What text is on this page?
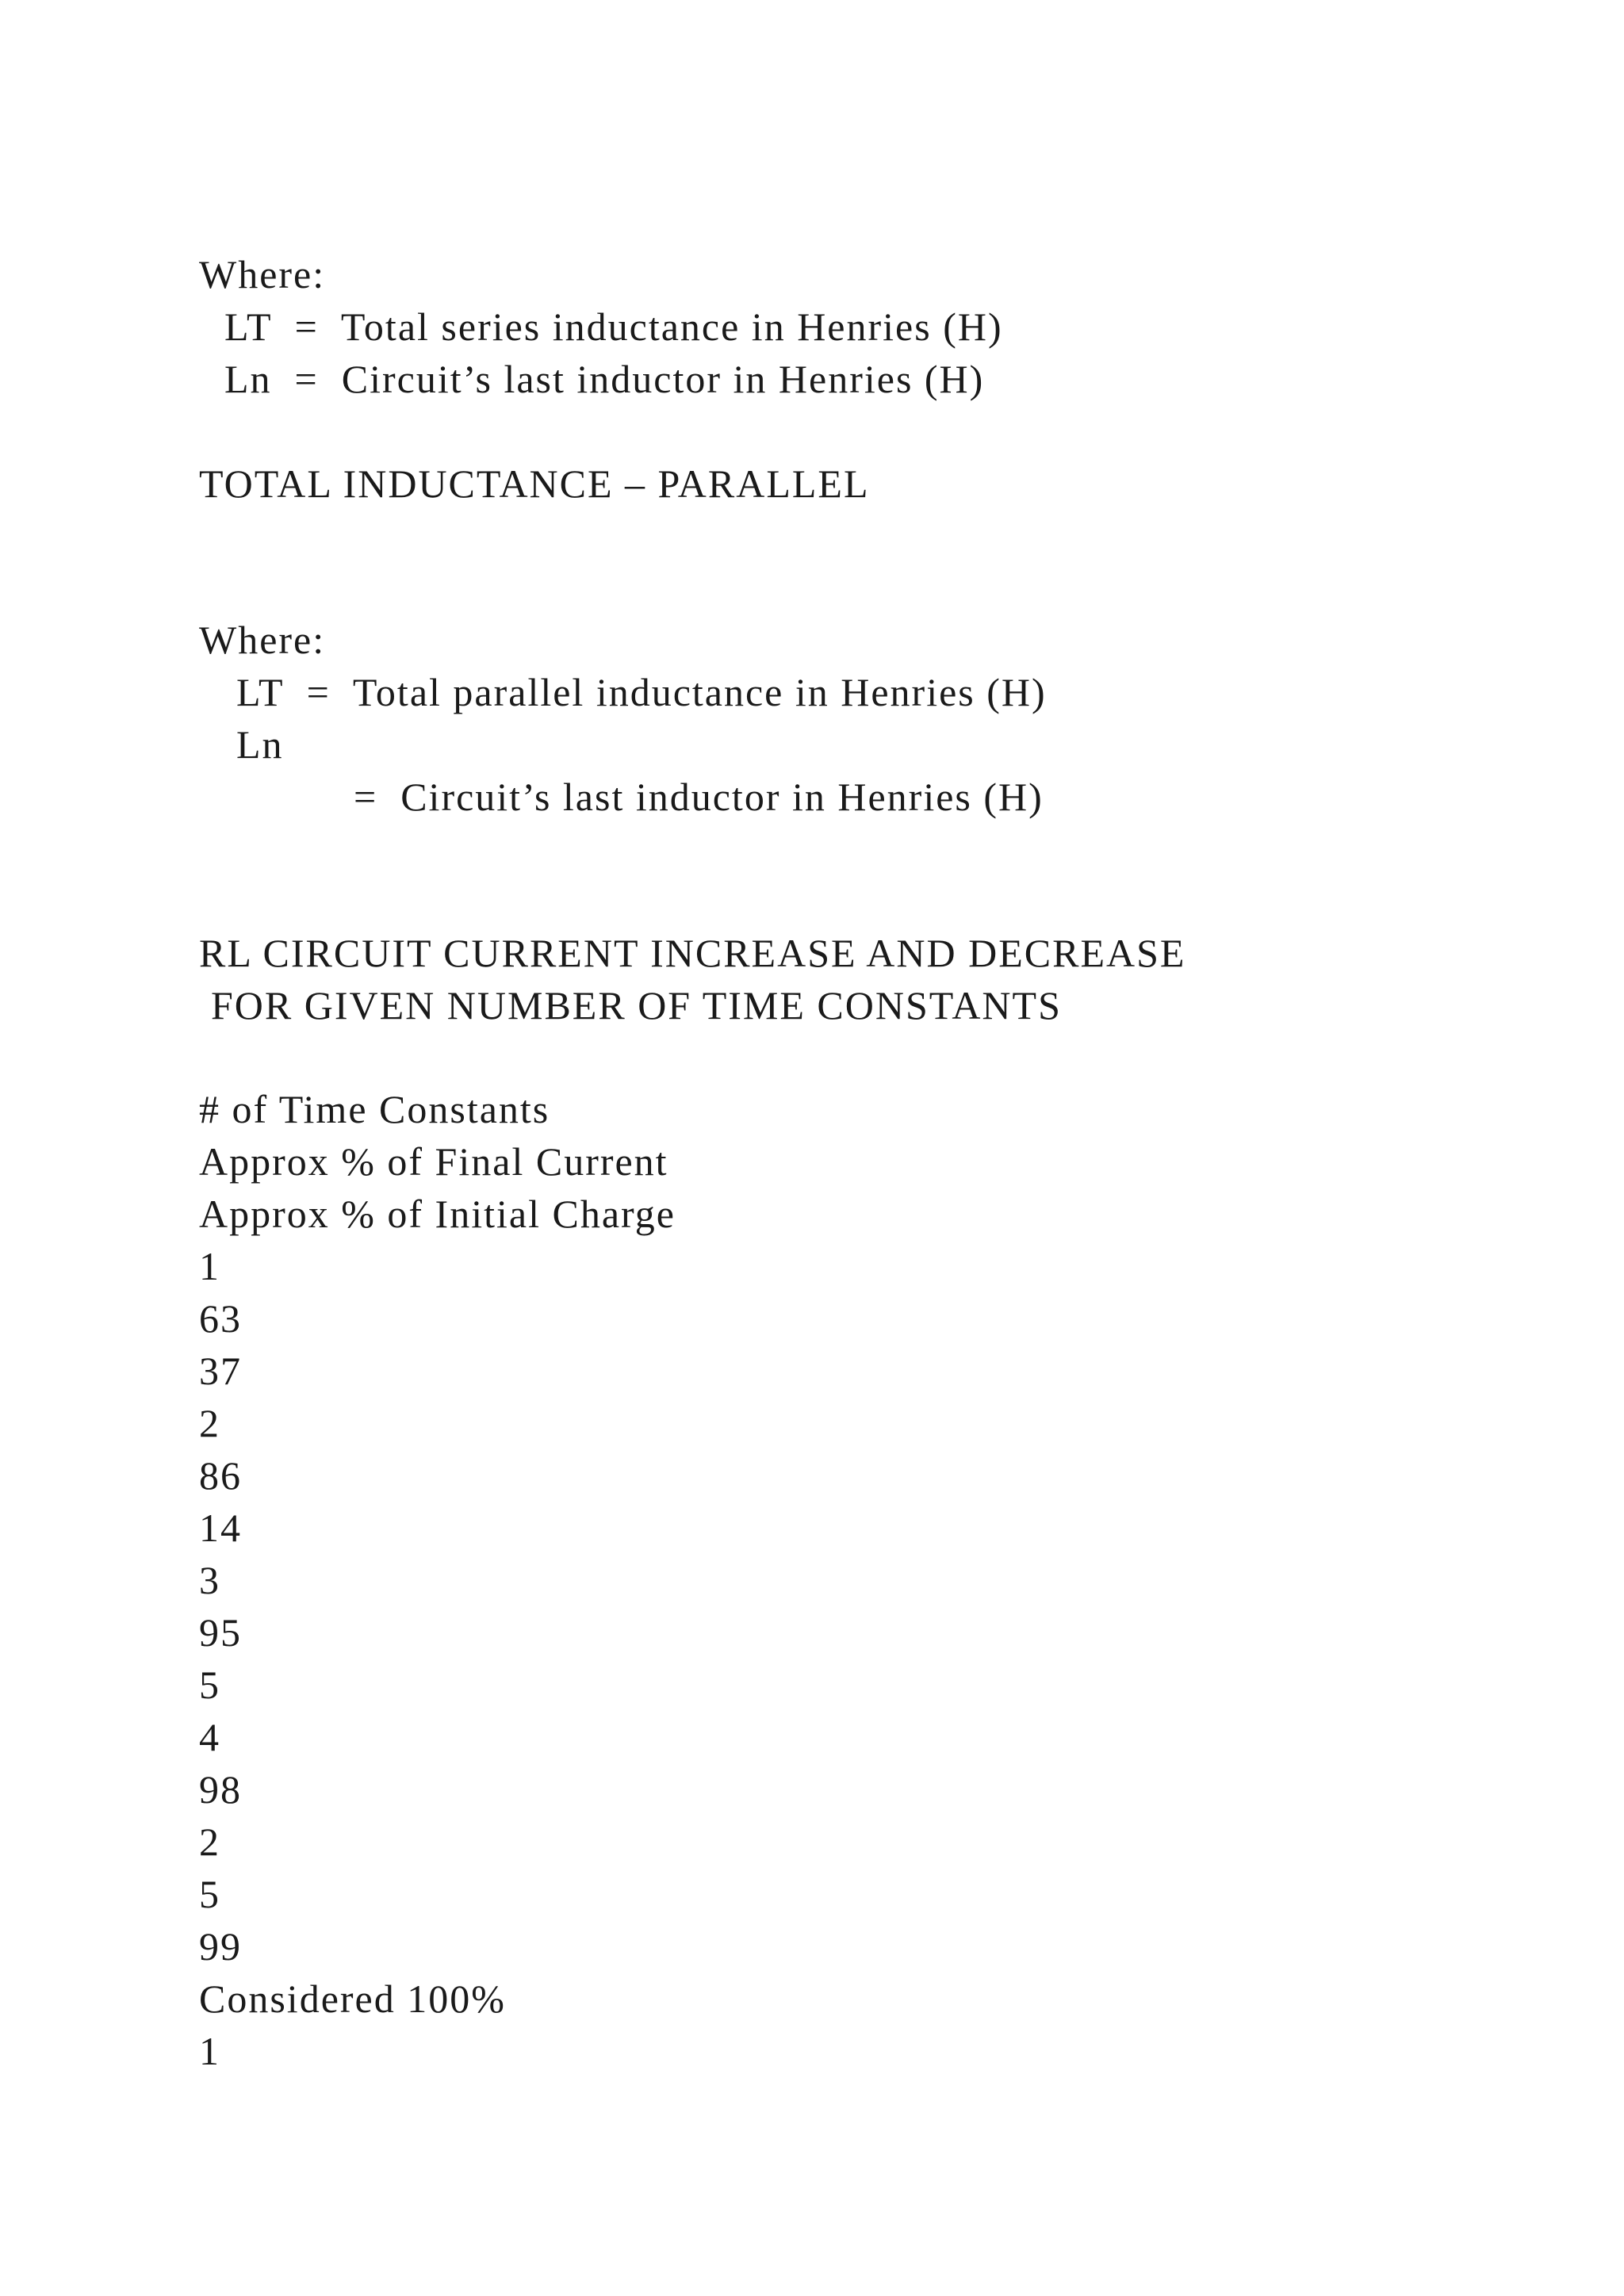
Where:
LT  =  Total series inductance in Henries (H)
Ln  =  Circuit’s last inductor in Henries (H)
TOTAL INDUCTANCE – PARALLEL
Where:
LT  =  Total parallel inductance in Henries (H)
Ln
=  Circuit’s last inductor in Henries (H)
RL CIRCUIT CURRENT INCREASE AND DECREASE
FOR GIVEN NUMBER OF TIME CONSTANTS
# of Time Constants
Approx % of Final Current
Approx % of Initial Charge
1
63
37
2
86
14
3
95
5
4
98
2
5
99
Considered 100%
1
